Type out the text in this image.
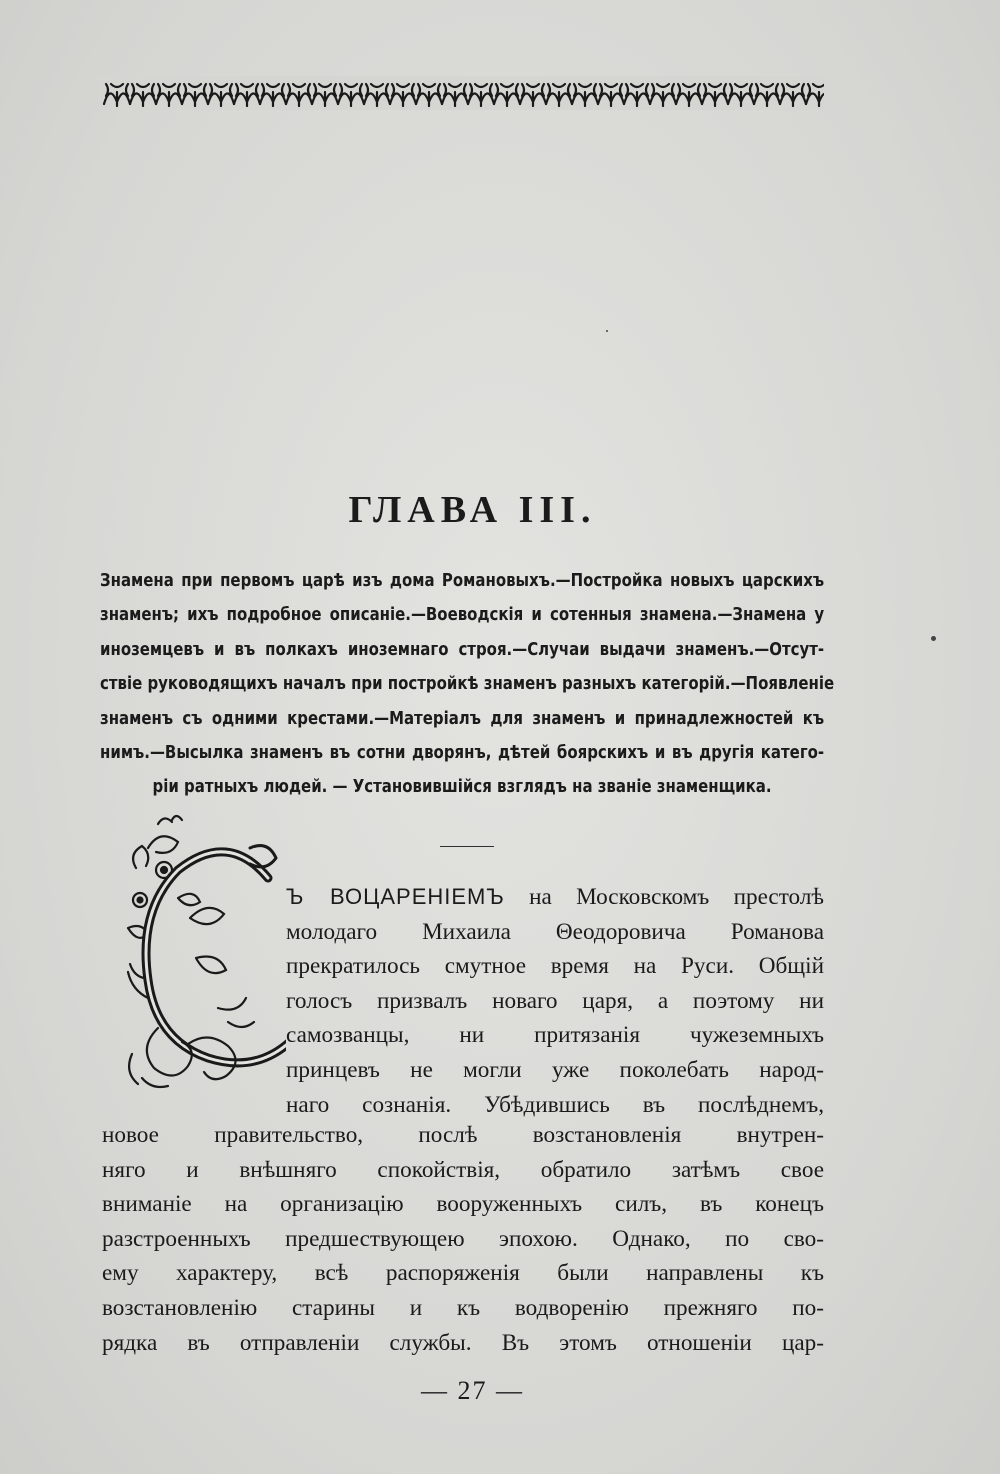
ГЛАВА III.
Знамена при первомъ царѣ изъ дома Романовыхъ.—Постройка новыхъ царскихъ
знаменъ; ихъ подробное описанiе.—Воеводскiя и сотенныя знамена.—Знамена у
иноземцевъ и въ полкахъ иноземнаго строя.—Случаи выдачи знаменъ.—Отсут-
ствiе руководящихъ началъ при постройкѣ знаменъ разныхъ категорiй.—Появленiе
знаменъ съ одними крестами.—Матерiалъ для знаменъ и принадлежностей къ
нимъ.—Высылка знаменъ въ сотни дворянъ, дѣтей боярскихъ и въ другiя катего-
рiи ратныхъ людей. — Установившiйся взглядъ на званiе знаменщика.
Ъ ВОЦАРЕНIЕМЪ на Московскомъ престолѣ
молодаго Михаила Θеодоровича Романова
прекратилось смутное время на Руси. Общiй
голосъ призвалъ новаго царя, а поэтому ни
самозванцы, ни притязанiя чужеземныхъ
принцевъ не могли уже поколебать народ-
наго сознанiя. Убѣдившись въ послѣднемъ,
новое правительство, послѣ возстановленiя внутрен-
няго и внѣшняго спокойствiя, обратило затѣмъ свое
вниманiе на организацiю вооруженныхъ силъ, въ конецъ
разстроенныхъ предшествующею эпохою. Однако, по сво-
ему характеру, всѣ распоряженiя были направлены къ
возстановленiю старины и къ водворенiю прежняго по-
рядка въ отправленiи службы. Въ этомъ отношенiи цар-
— 27 —
